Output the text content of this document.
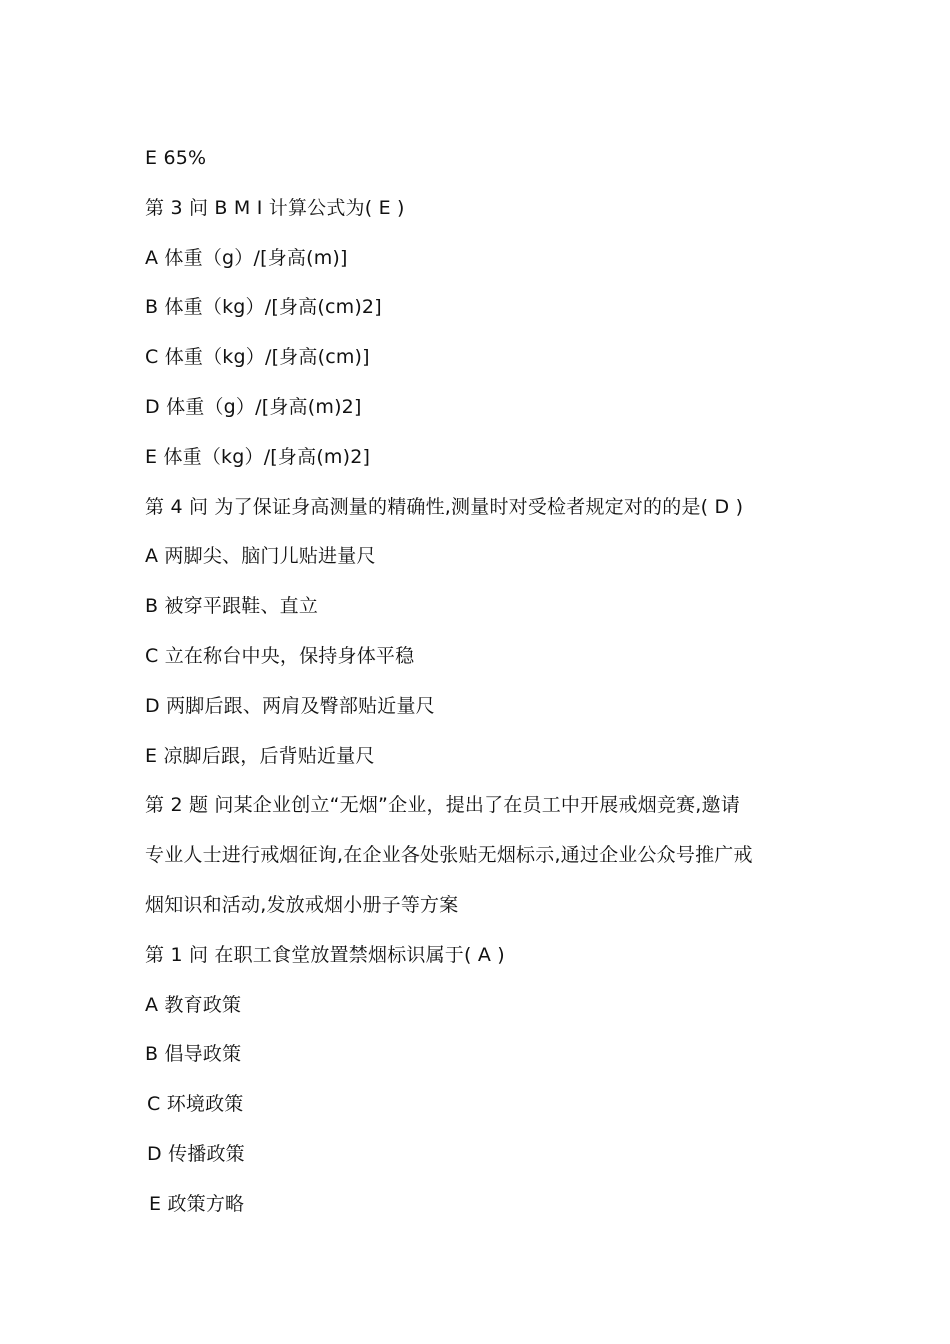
E 65%
第 3 问 B M I 计算公式为( E )
A 体重（g）/[身高(m)]
B 体重（kg）/[身高(cm)2]
C 体重（kg）/[身高(cm)]
D 体重（g）/[身高(m)2]
E 体重（kg）/[身高(m)2]
第 4 问 为了保证身高测量的精确性,测量时对受检者规定对的的是( D )
A 两脚尖、脑门儿贴进量尺
B 被穿平跟鞋、直立
C 立在称台中央，保持身体平稳
D 两脚后跟、两肩及臀部贴近量尺
E 凉脚后跟，后背贴近量尺
第 2 题 问某企业创立“无烟”企业，提出了在员工中开展戒烟竞赛,邀请
专业人士进行戒烟征询,在企业各处张贴无烟标示,通过企业公众号推广戒
烟知识和活动,发放戒烟小册子等方案
第 1 问 在职工食堂放置禁烟标识属于( A )
A 教育政策
B 倡导政策
C 环境政策
D 传播政策
E 政策方略
